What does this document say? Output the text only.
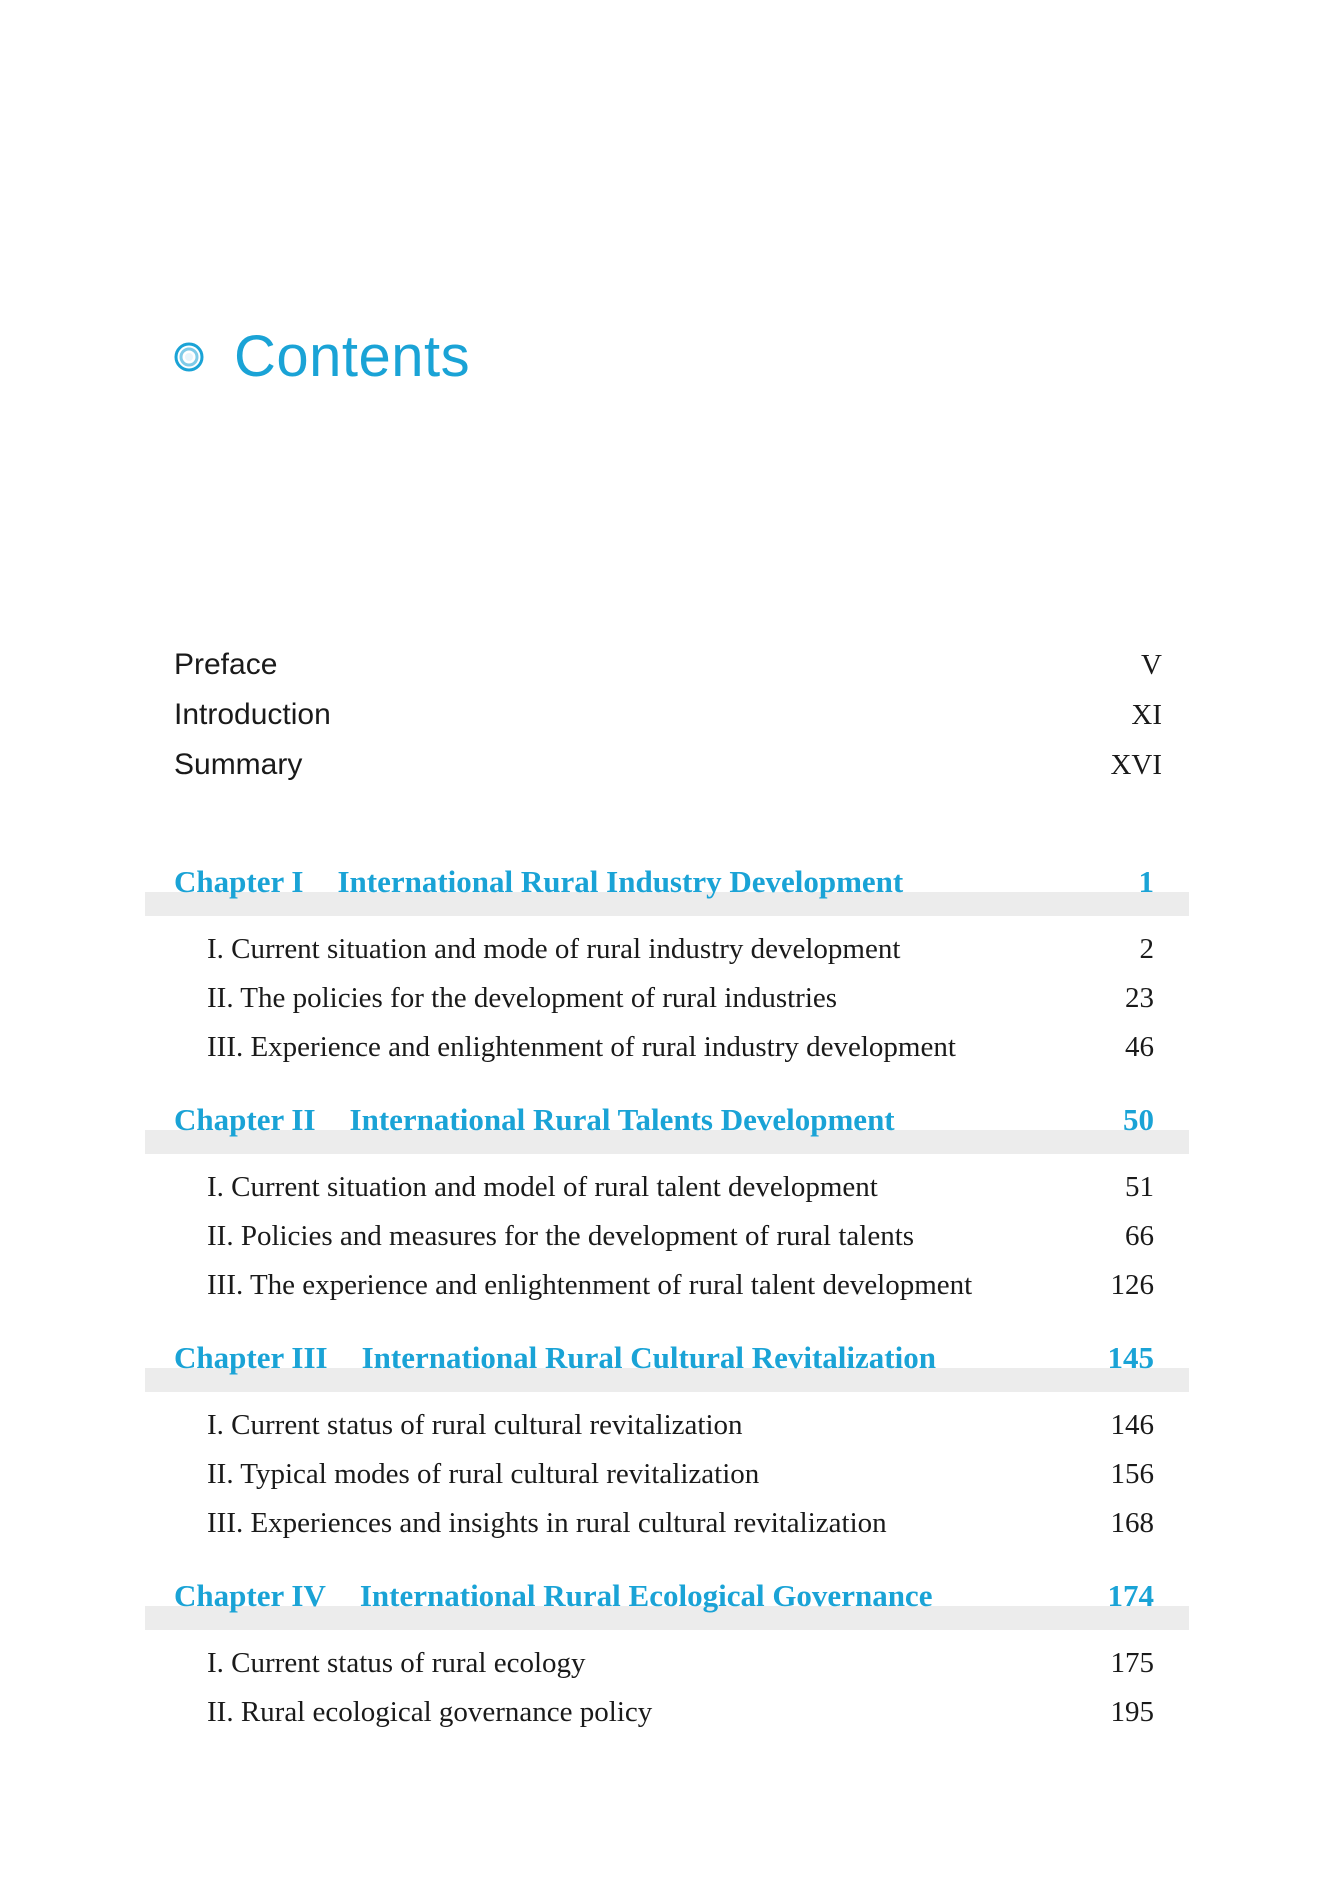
Contents
Preface	V
Introduction	XI
Summary	XVI
Chapter I International Rural Industry Development	1
I. Current situation and mode of rural industry development	2
II. The policies for the development of rural industries	23
III. Experience and enlightenment of rural industry development	46
Chapter II International Rural Talents Development	50
I. Current situation and model of rural talent development	51
II. Policies and measures for the development of rural talents	66
III. The experience and enlightenment of rural talent development	126
Chapter III International Rural Cultural Revitalization	145
I. Current status of rural cultural revitalization	146
II. Typical modes of rural cultural revitalization	156
III. Experiences and insights in rural cultural revitalization	168
Chapter IV International Rural Ecological Governance	174
I. Current status of rural ecology	175
II. Rural ecological governance policy	195
